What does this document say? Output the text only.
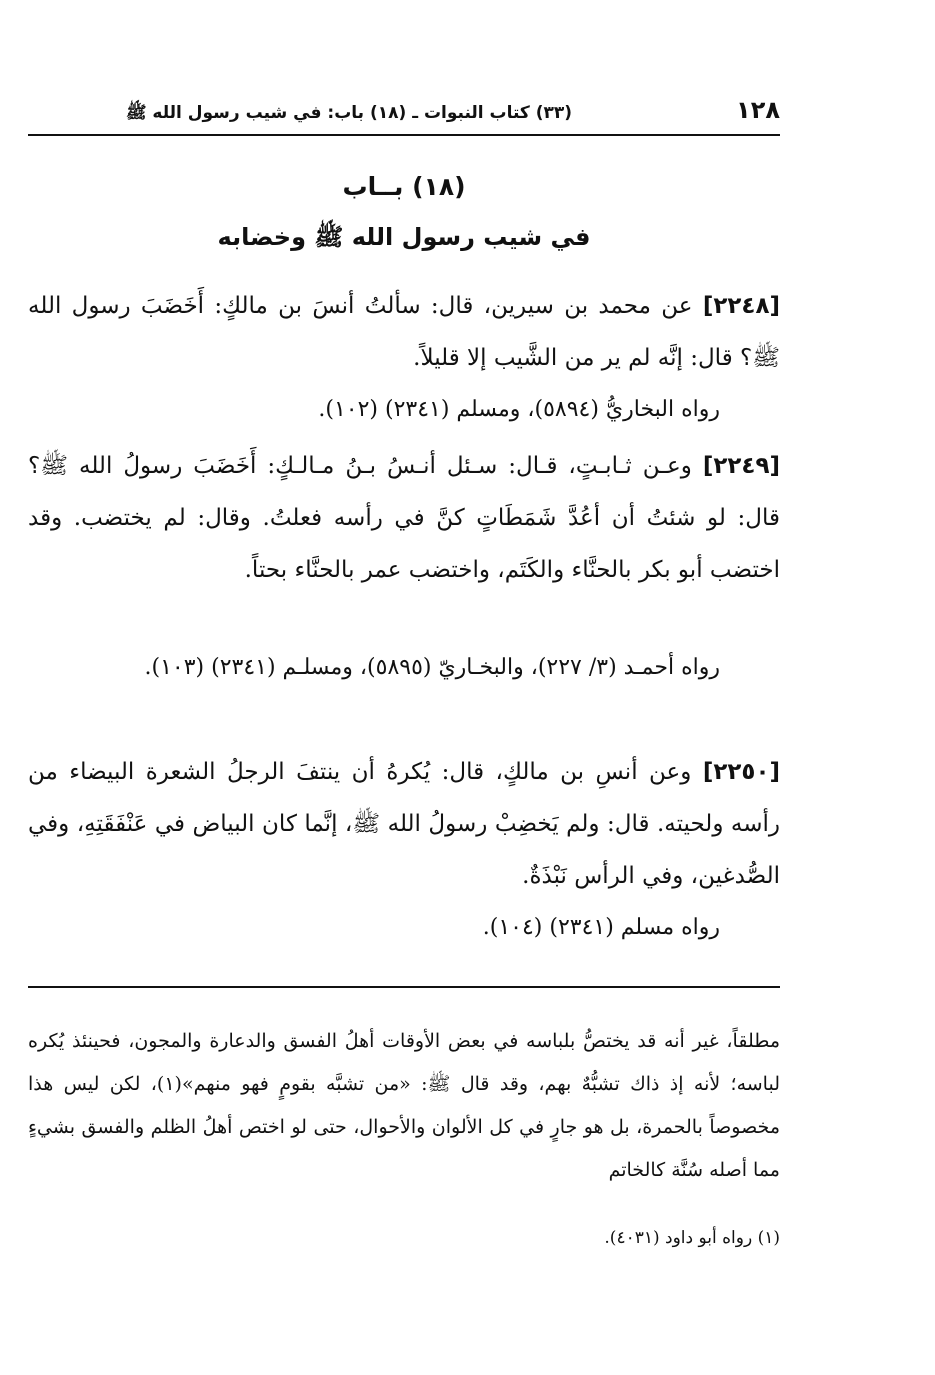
١٢٨
(٣٣) كتاب النبوات ـ (١٨) باب: في شيب رسول الله ﷺ
(١٨) بــاب
في شيب رسول الله ﷺ وخضابه
[٢٢٤٨] عن محمد بن سيرين، قال: سألتُ أنسَ بن مالكٍ: أَخَضَبَ رسول الله ﷺ؟ قال: إنَّه لم ير من الشَّيب إلا قليلاً.
رواه البخاريُّ (٥٨٩٤)، ومسلم (٢٣٤١) (١٠٢).
[٢٢٤٩] وعـن ثـابـتٍ، قـال: سـئل أنـسُ بـنُ مـالـكٍ: أَخَضَبَ رسولُ الله ﷺ؟ قال: لو شئتُ أن أعُدَّ شَمَطَاتٍ كنَّ في رأسه فعلتُ. وقال: لم يختضب. وقد اختضب أبو بكر بالحنَّاء والكَتَم، واختضب عمر بالحنَّاء بحتاً.
رواه أحمـد (٣/ ٢٢٧)، والبخـاريّ (٥٨٩٥)، ومسلـم (٢٣٤١) (١٠٣).
[٢٢٥٠] وعن أنسِ بن مالكٍ، قال: يُكرهُ أن ينتفَ الرجلُ الشعرة البيضاء من رأسه ولحيته. قال: ولم يَخضِبْ رسولُ الله ﷺ، إنَّما كان البياض في عَنْفَقَتِهِ، وفي الصُّدغين، وفي الرأس نَبْذَةٌ.
رواه مسلم (٢٣٤١) (١٠٤).
مطلقاً، غير أنه قد يختصُّ بلباسه في بعض الأوقات أهلُ الفسق والدعارة والمجون، فحينئذ يُكره لباسه؛ لأنه إذ ذاك تشبُّهٌ بهم، وقد قال ﷺ: «من تشبَّه بقومٍ فهو منهم»(١)، لكن ليس هذا مخصوصاً بالحمرة، بل هو جارٍ في كل الألوان والأحوال، حتى لو اختص أهلُ الظلم والفسق بشيءٍ مما أصله سُنَّة كالخاتم
(١) رواه أبو داود (٤٠٣١).
